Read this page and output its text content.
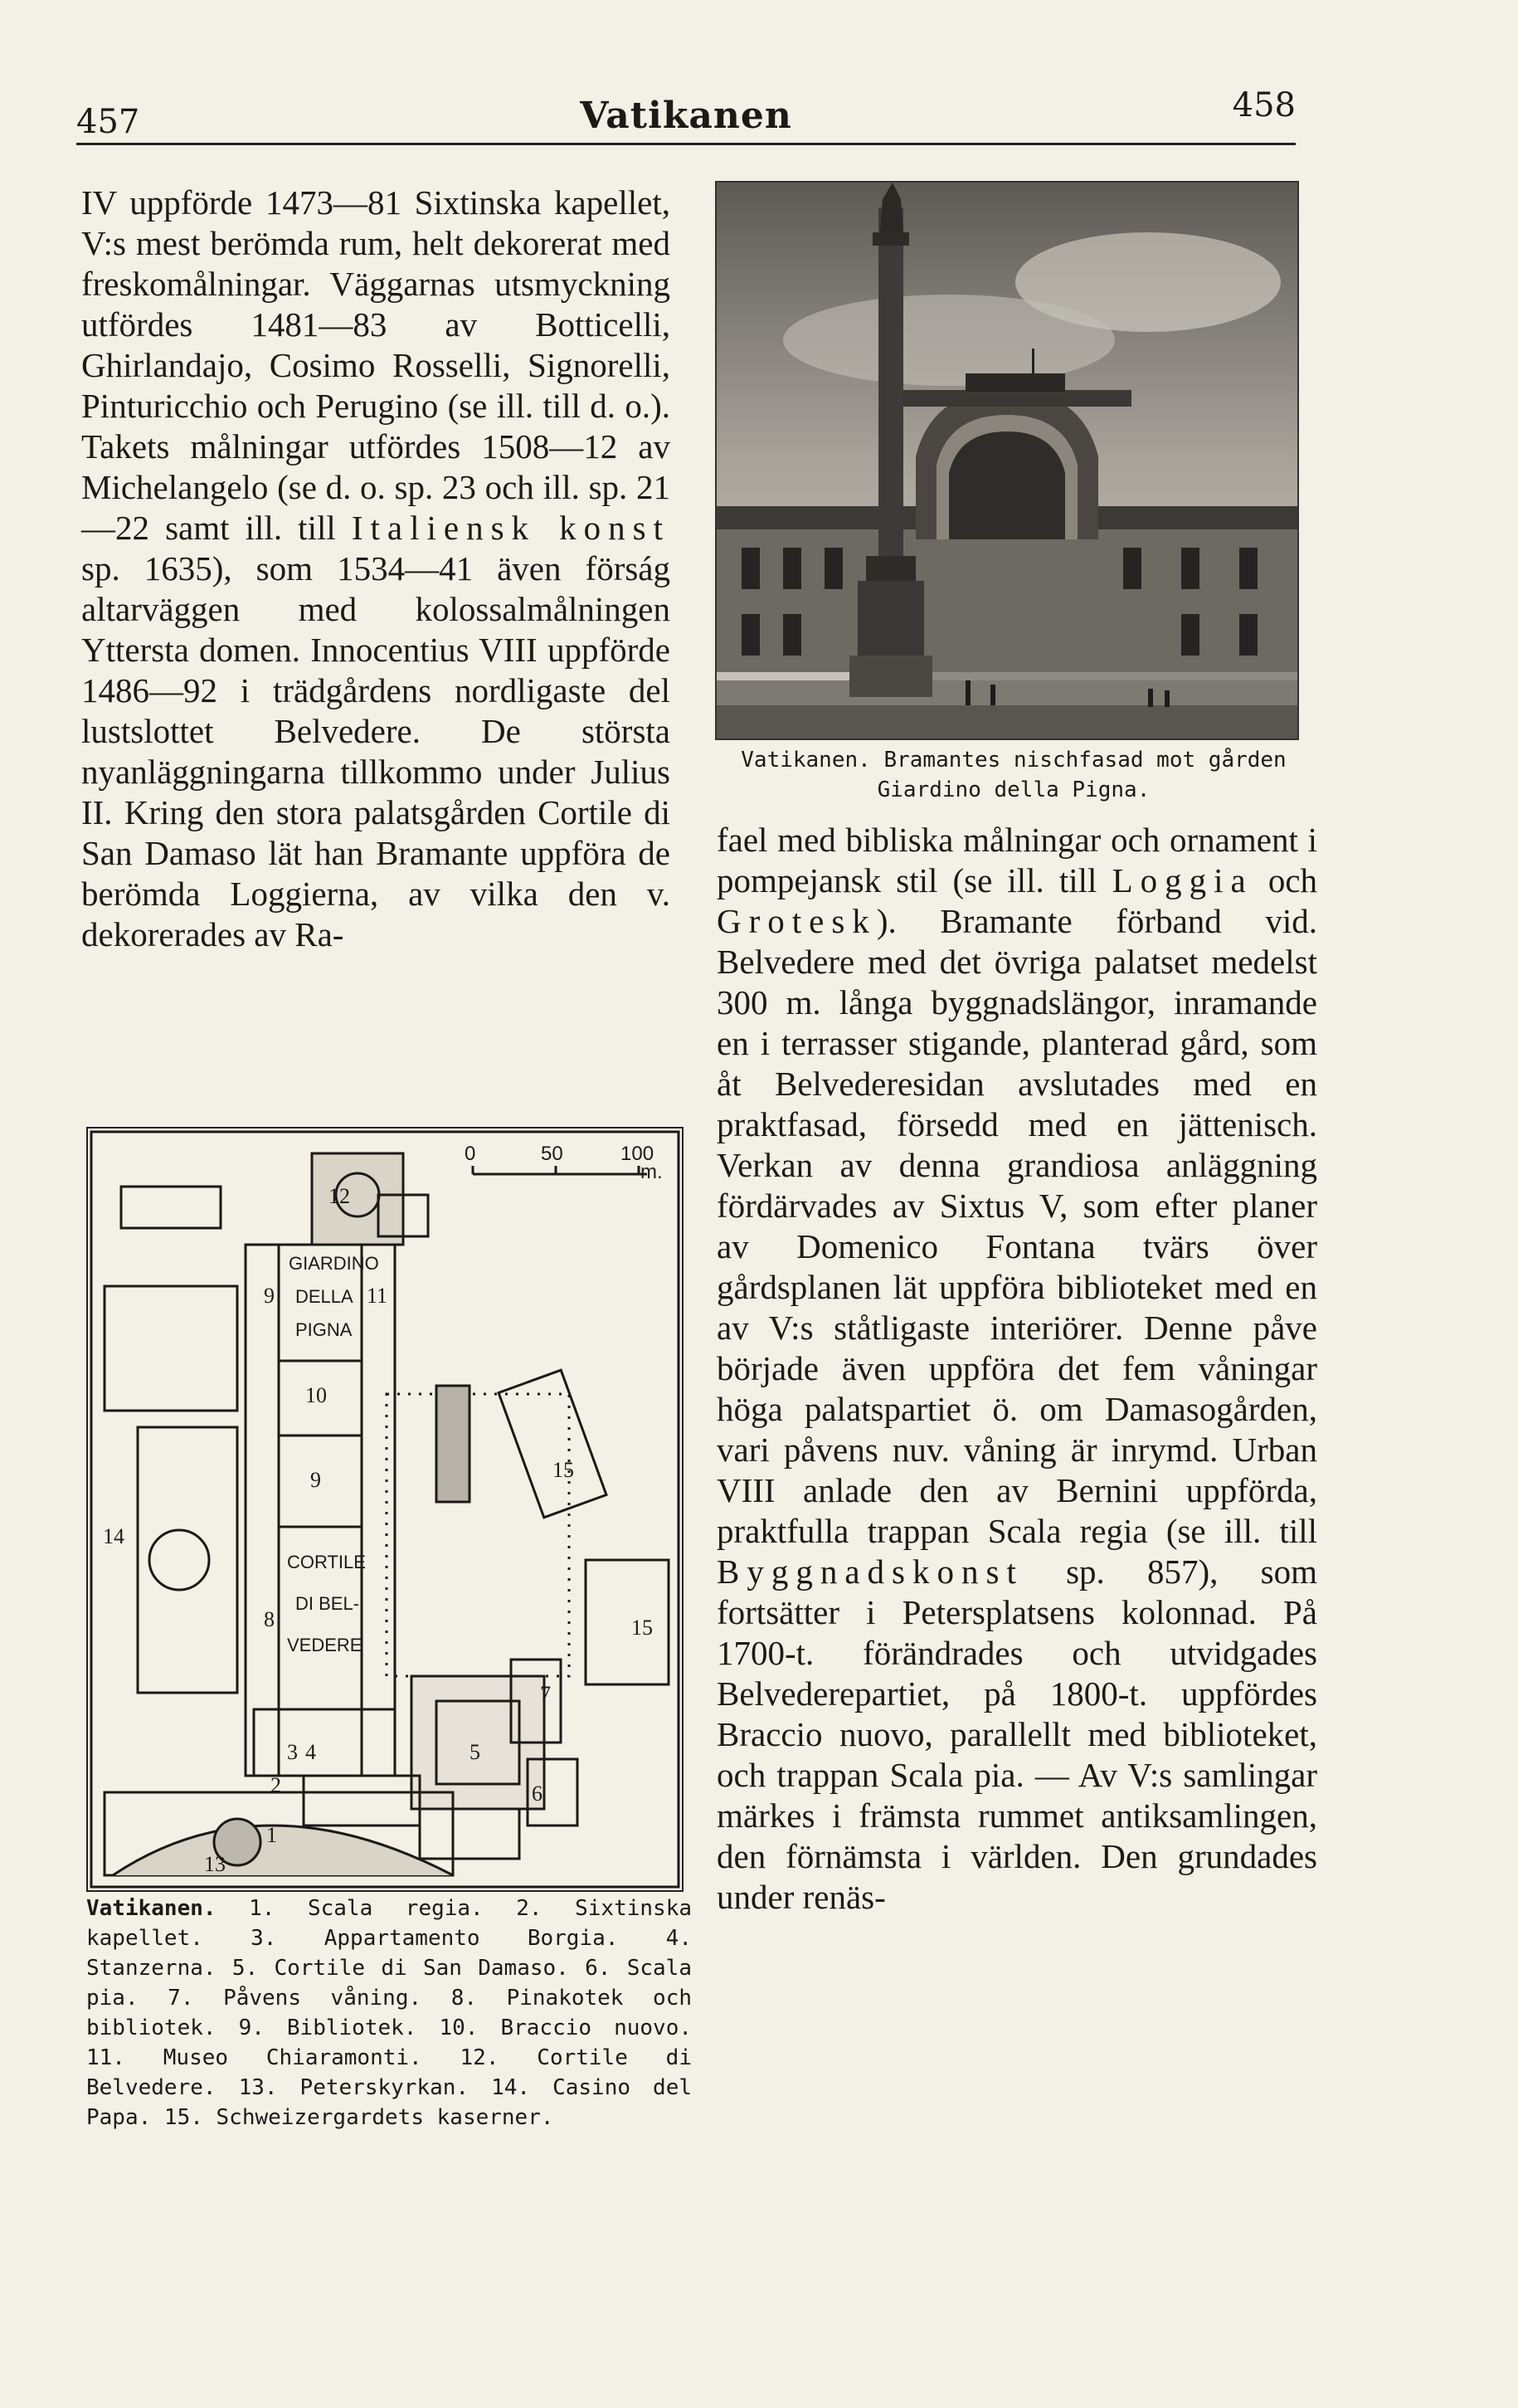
457	Vatikanen	458

IV uppförde 1473—81 Sixtinska kapellet, V:s mest berömda rum, helt dekorerat med freskomålningar. Väggarnas utsmyckning utfördes 1481—83 av Botticelli, Ghirlandajo, Cosimo Rosselli, Signorelli, Pinturicchio och Perugino (se ill. till d. o.). Takets målningar utfördes 1508—12 av Michelangelo (se d. o. sp. 23 och ill. sp. 21—22 samt ill. till Italiensk konst sp. 1635), som 1534—41 även förság altarväggen med kolossalmålningen Yttersta domen. Innocentius VIII uppförde 1486—92 i trädgårdens nordligaste del lustslottet Belvedere. De största nyanläggningarna tillkommo under Julius II. Kring den stora palatsgården Cortile di San Damaso lät han Bramante uppföra de berömda Loggierna, av vilka den v. dekorerades av Ra-

Vatikanen. Bramantes nischfasad mot gården Giardino della Pigna.
GIARDINO
DELLA
PIGNA
CORTILE
DI BEL-
VEDERE
1
2
3 4	5
6
7
8
9
9
10
11
12
13
14
15
15
0	50	100
m.
Vatikanen. 1. Scala regia. 2. Sixtinska kapellet. 3. Appartamento Borgia. 4. Stanzerna. 5. Cortile di San Damaso. 6. Scala pia. 7. Påvens våning. 8. Pinakotek och bibliotek. 9. Bibliotek. 10. Braccio nuovo. 11. Museo Chiaramonti. 12. Cortile di Belvedere. 13. Peterskyrkan. 14. Casino del Papa. 15. Schweizergardets kaserner.

fael med bibliska målningar och ornament i pompejansk stil (se ill. till Loggia och Grotesk). Bramante förband vid. Belvedere med det övriga palatset medelst 300 m. långa byggnadslängor, inramande en i terrasser stigande, planterad gård, som åt Belvederesidan avslutades med en praktfasad, försedd med en jättenisch. Verkan av denna grandiosa anläggning fördärvades av Sixtus V, som efter planer av Domenico Fontana tvärs över gårdsplanen lät uppföra biblioteket med en av V:s ståtligaste interiörer. Denne påve började även uppföra det fem våningar höga palatspartiet ö. om Damasogården, vari påvens nuv. våning är inrymd. Urban VIII anlade den av Bernini uppförda, praktfulla trappan Scala regia (se ill. till Byggnadskonst sp. 857), som fortsätter i Petersplatsens kolonnad. På 1700-t. förändrades och utvidgades Belvederepartiet, på 1800-t. uppfördes Braccio nuovo, parallellt med biblioteket, och trappan Scala pia. — Av V:s samlingar märkes i främsta rummet antiksamlingen, den förnämsta i världen. Den grundades under renäs-
